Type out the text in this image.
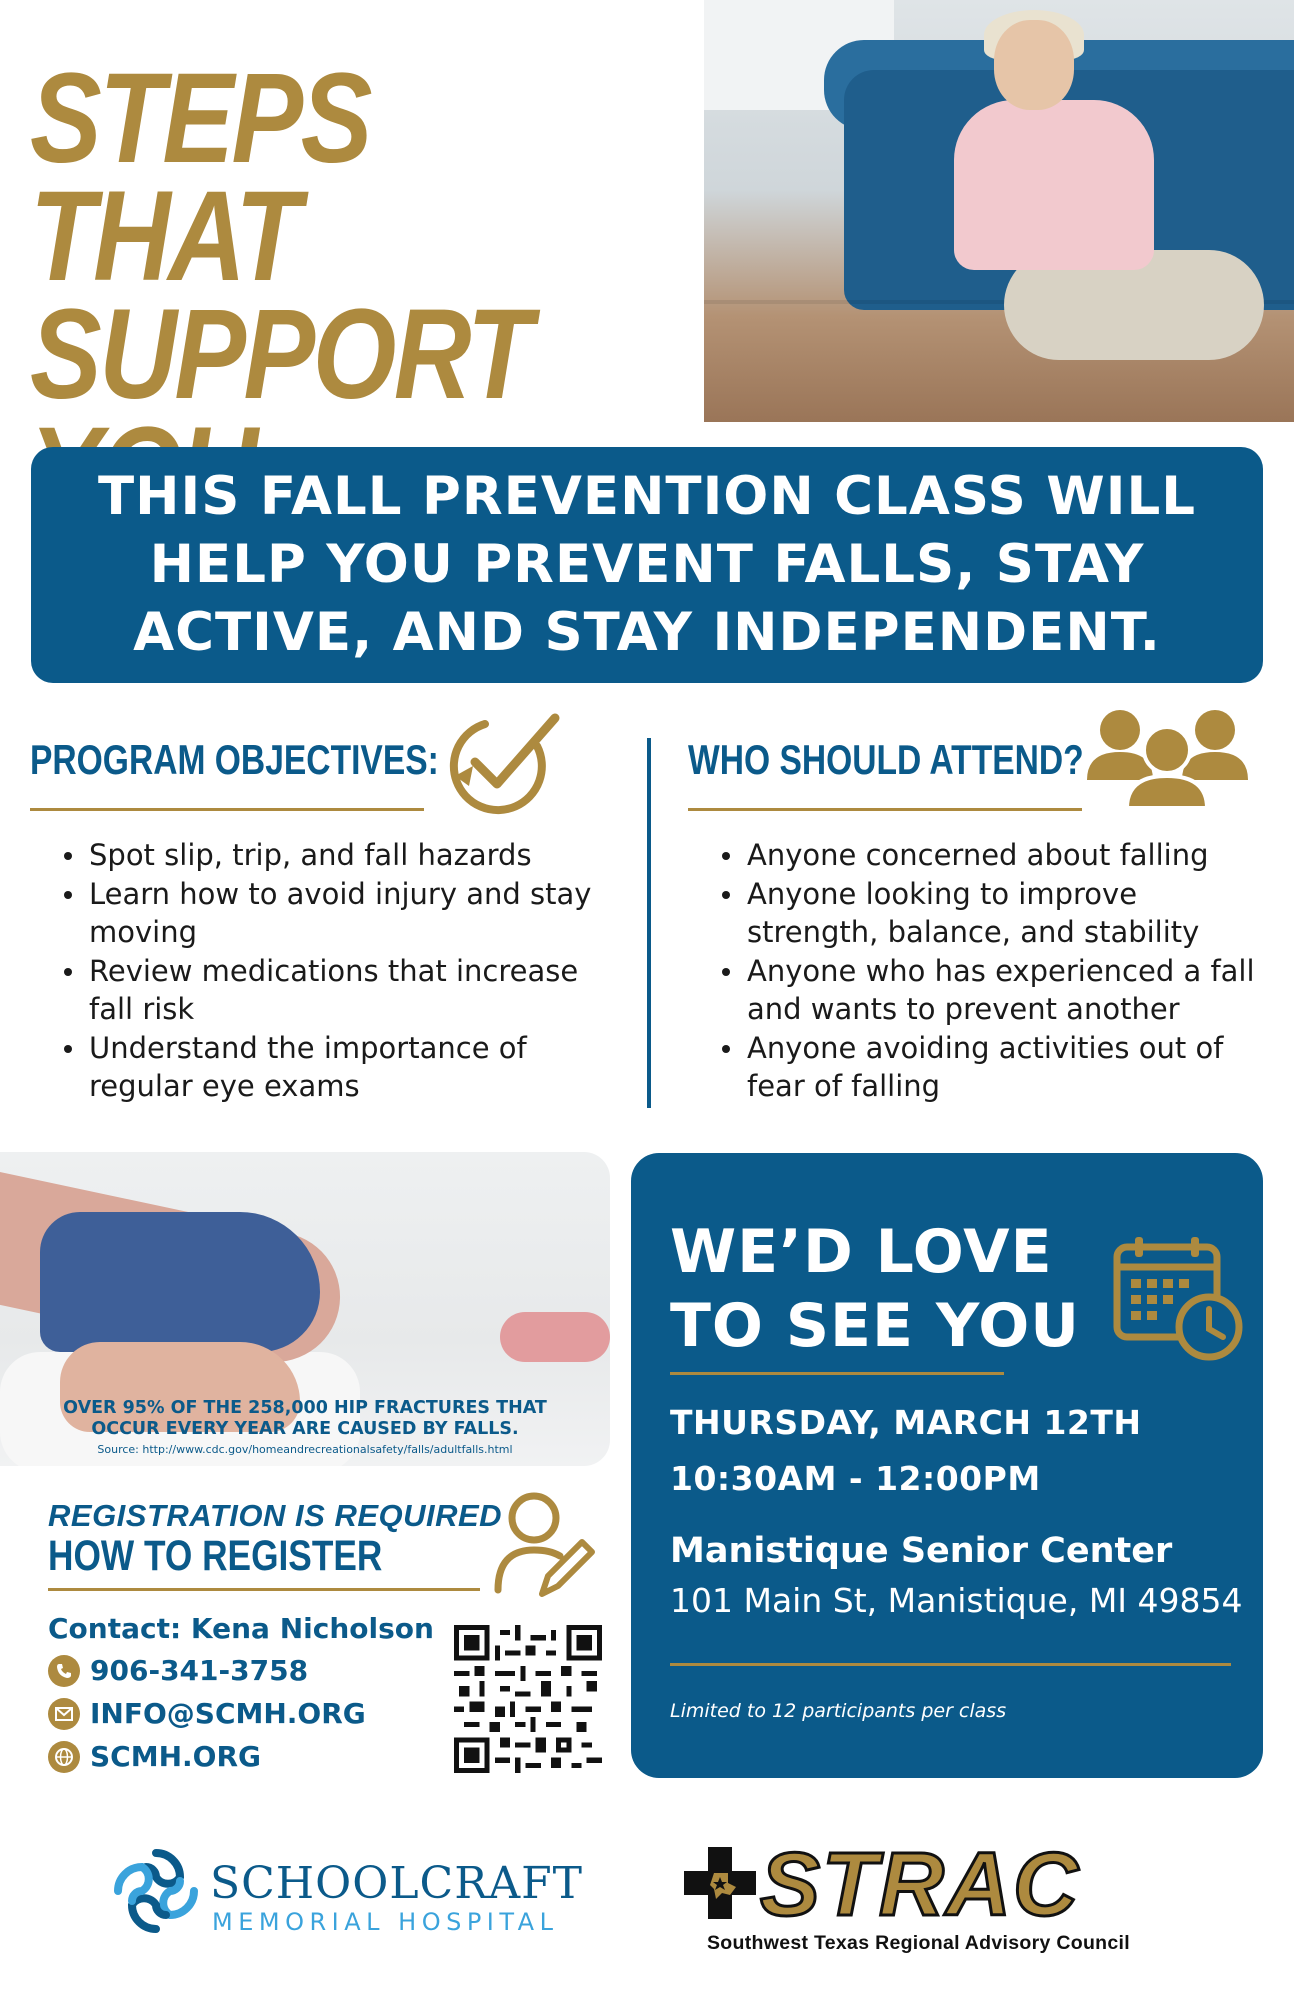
STEPS THAT
SUPPORT
THIS FALL PREVENTION CLASS WILL
HELP YOU PREVENT FALLS, STAY
ACTIVE, AND STAY INDEPENDENT.
PROGRAM OBJECTIVES:
Spot slip, trip, and fall hazards
Learn how to avoid injury and stay moving
Review medications that increase fall risk
Understand the importance of regular eye exams
WHO SHOULD ATTEND?
Anyone concerned about falling
Anyone looking to improve strength, balance, and stability
Anyone who has experienced a fall and wants to prevent another
Anyone avoiding activities out of fear of falling
OVER 95% OF THE 258,000 HIP FRACTURES THAT
OCCUR EVERY YEAR ARE CAUSED BY FALLS.
Source: http://www.cdc.gov/homeandrecreationalsafety/falls/adultfalls.html
REGISTRATION IS REQUIRED
HOW TO REGISTER
Contact: Kena Nicholson
906-341-3758
INFO@SCMH.ORG
SCMH.ORG
WE’D LOVE
TO SEE YOU
THURSDAY, MARCH 12TH
10:30AM - 12:00PM
Manistique Senior Center
101 Main St, Manistique, MI 49854
Limited to 12 participants per class
SCHOOLCRAFT
MEMORIAL HOSPITAL STRAC
Southwest Texas Regional Advisory Council
